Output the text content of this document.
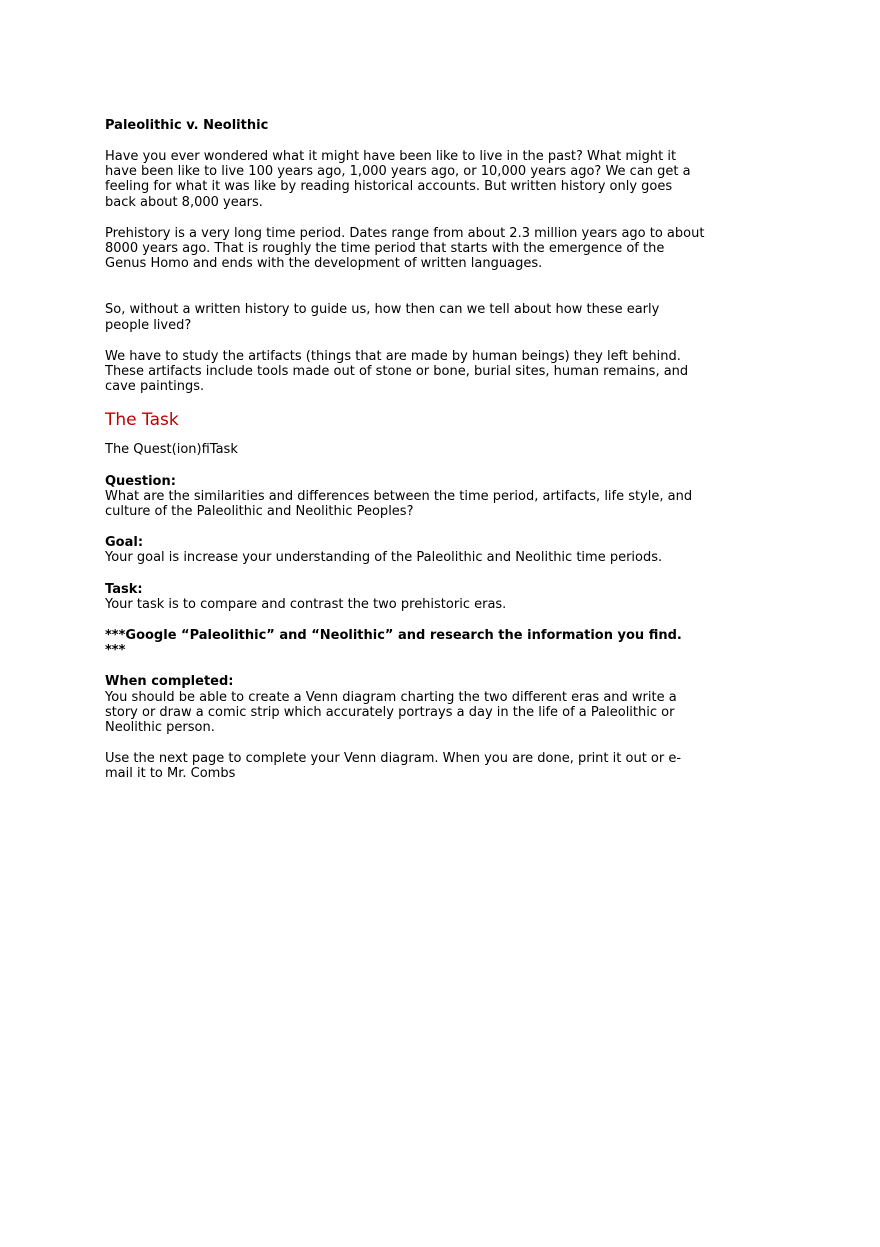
Paleolithic v. Neolithic
Have you ever wondered what it might have been like to live in the past? What might it have been like to live 100 years ago, 1,000 years ago, or 10,000 years ago? We can get a feeling for what it was like by reading historical accounts. But written history only goes back about 8,000 years.
Prehistory is a very long time period. Dates range from about 2.3 million years ago to about 8000 years ago. That is roughly the time period that starts with the emergence of the Genus Homo and ends with the development of written languages.
So, without a written history to guide us, how then can we tell about how these early people lived?
We have to study the artifacts (things that are made by human beings) they left behind. These artifacts include tools made out of stone or bone, burial sites, human remains, and cave paintings.
The Task
The Quest(ion)fiTask
Question:
What are the similarities and differences between the time period, artifacts, life style, and culture of the Paleolithic and Neolithic Peoples?
Goal:
Your goal is increase your understanding of the Paleolithic and Neolithic time periods.
Task:
Your task is to compare and contrast the two prehistoric eras.
***Google “Paleolithic” and “Neolithic” and research the information you find. ***
When completed:
You should be able to create a Venn diagram charting the two different eras and write a story or draw a comic strip which accurately portrays a day in the life of a Paleolithic or Neolithic person.
Use the next page to complete your Venn diagram. When you are done, print it out or e-mail it to Mr. Combs
